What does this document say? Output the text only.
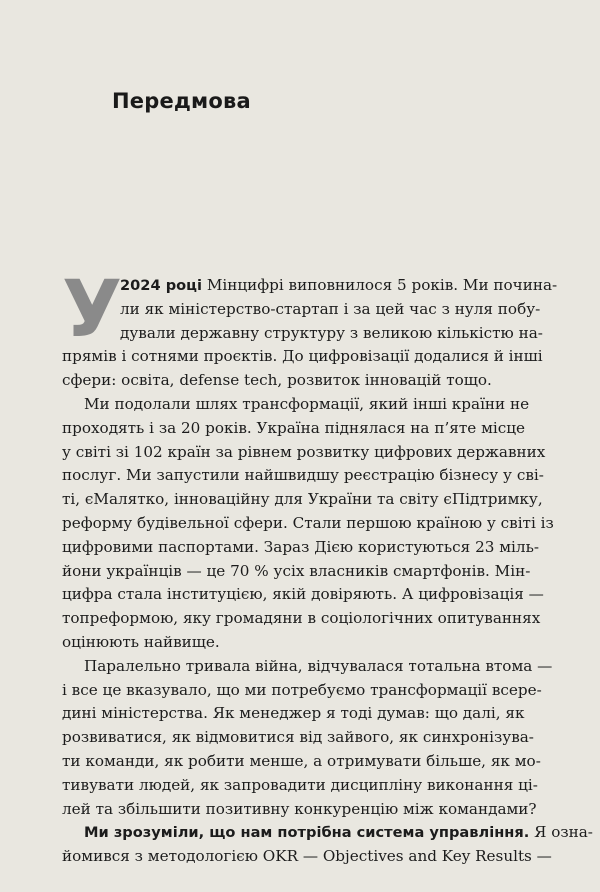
Передмова
У
2024 році Мінцифрі виповнилося 5 років. Ми почина-
ли як міністерство-стартап і за цей час з нуля побу-
дували державну структуру з великою кількістю на-
прямів і сотнями проєктів. До цифровізації додалися й інші
сфери: освіта, defense tech, розвиток інновацій тощо.
Ми подолали шлях трансформації, який інші країни не
проходять і за 20 років. Україна піднялася на п’яте місце
у світі зі 102 країн за рівнем розвитку цифрових державних
послуг. Ми запустили найшвидшу реєстрацію бізнесу у сві-
ті, єМалятко, інноваційну для України та світу єПідтримку,
реформу будівельної сфери. Стали першою країною у світі із
цифровими паспортами. Зараз Дією користуються 23 міль-
йони українців — це 70 % усіх власників смартфонів. Мін-
цифра стала інституцією, якій довіряють. А цифровізація —
топреформою, яку громадяни в соціологічних опитуваннях
оцінюють найвище.
Паралельно тривала війна, відчувалася тотальна втома —
і все це вказувало, що ми потребуємо трансформації всере-
дині міністерства. Як менеджер я тоді думав: що далі, як
розвиватися, як відмовитися від зайвого, як синхронізува-
ти команди, як робити менше, а отримувати більше, як мо-
тивувати людей, як запровадити дисципліну виконання ці-
лей та збільшити позитивну конкуренцію між командами?
Ми зрозуміли, що нам потрібна система управління. Я озна-
йомився з методологією OKR — Objectives and Key Results —
